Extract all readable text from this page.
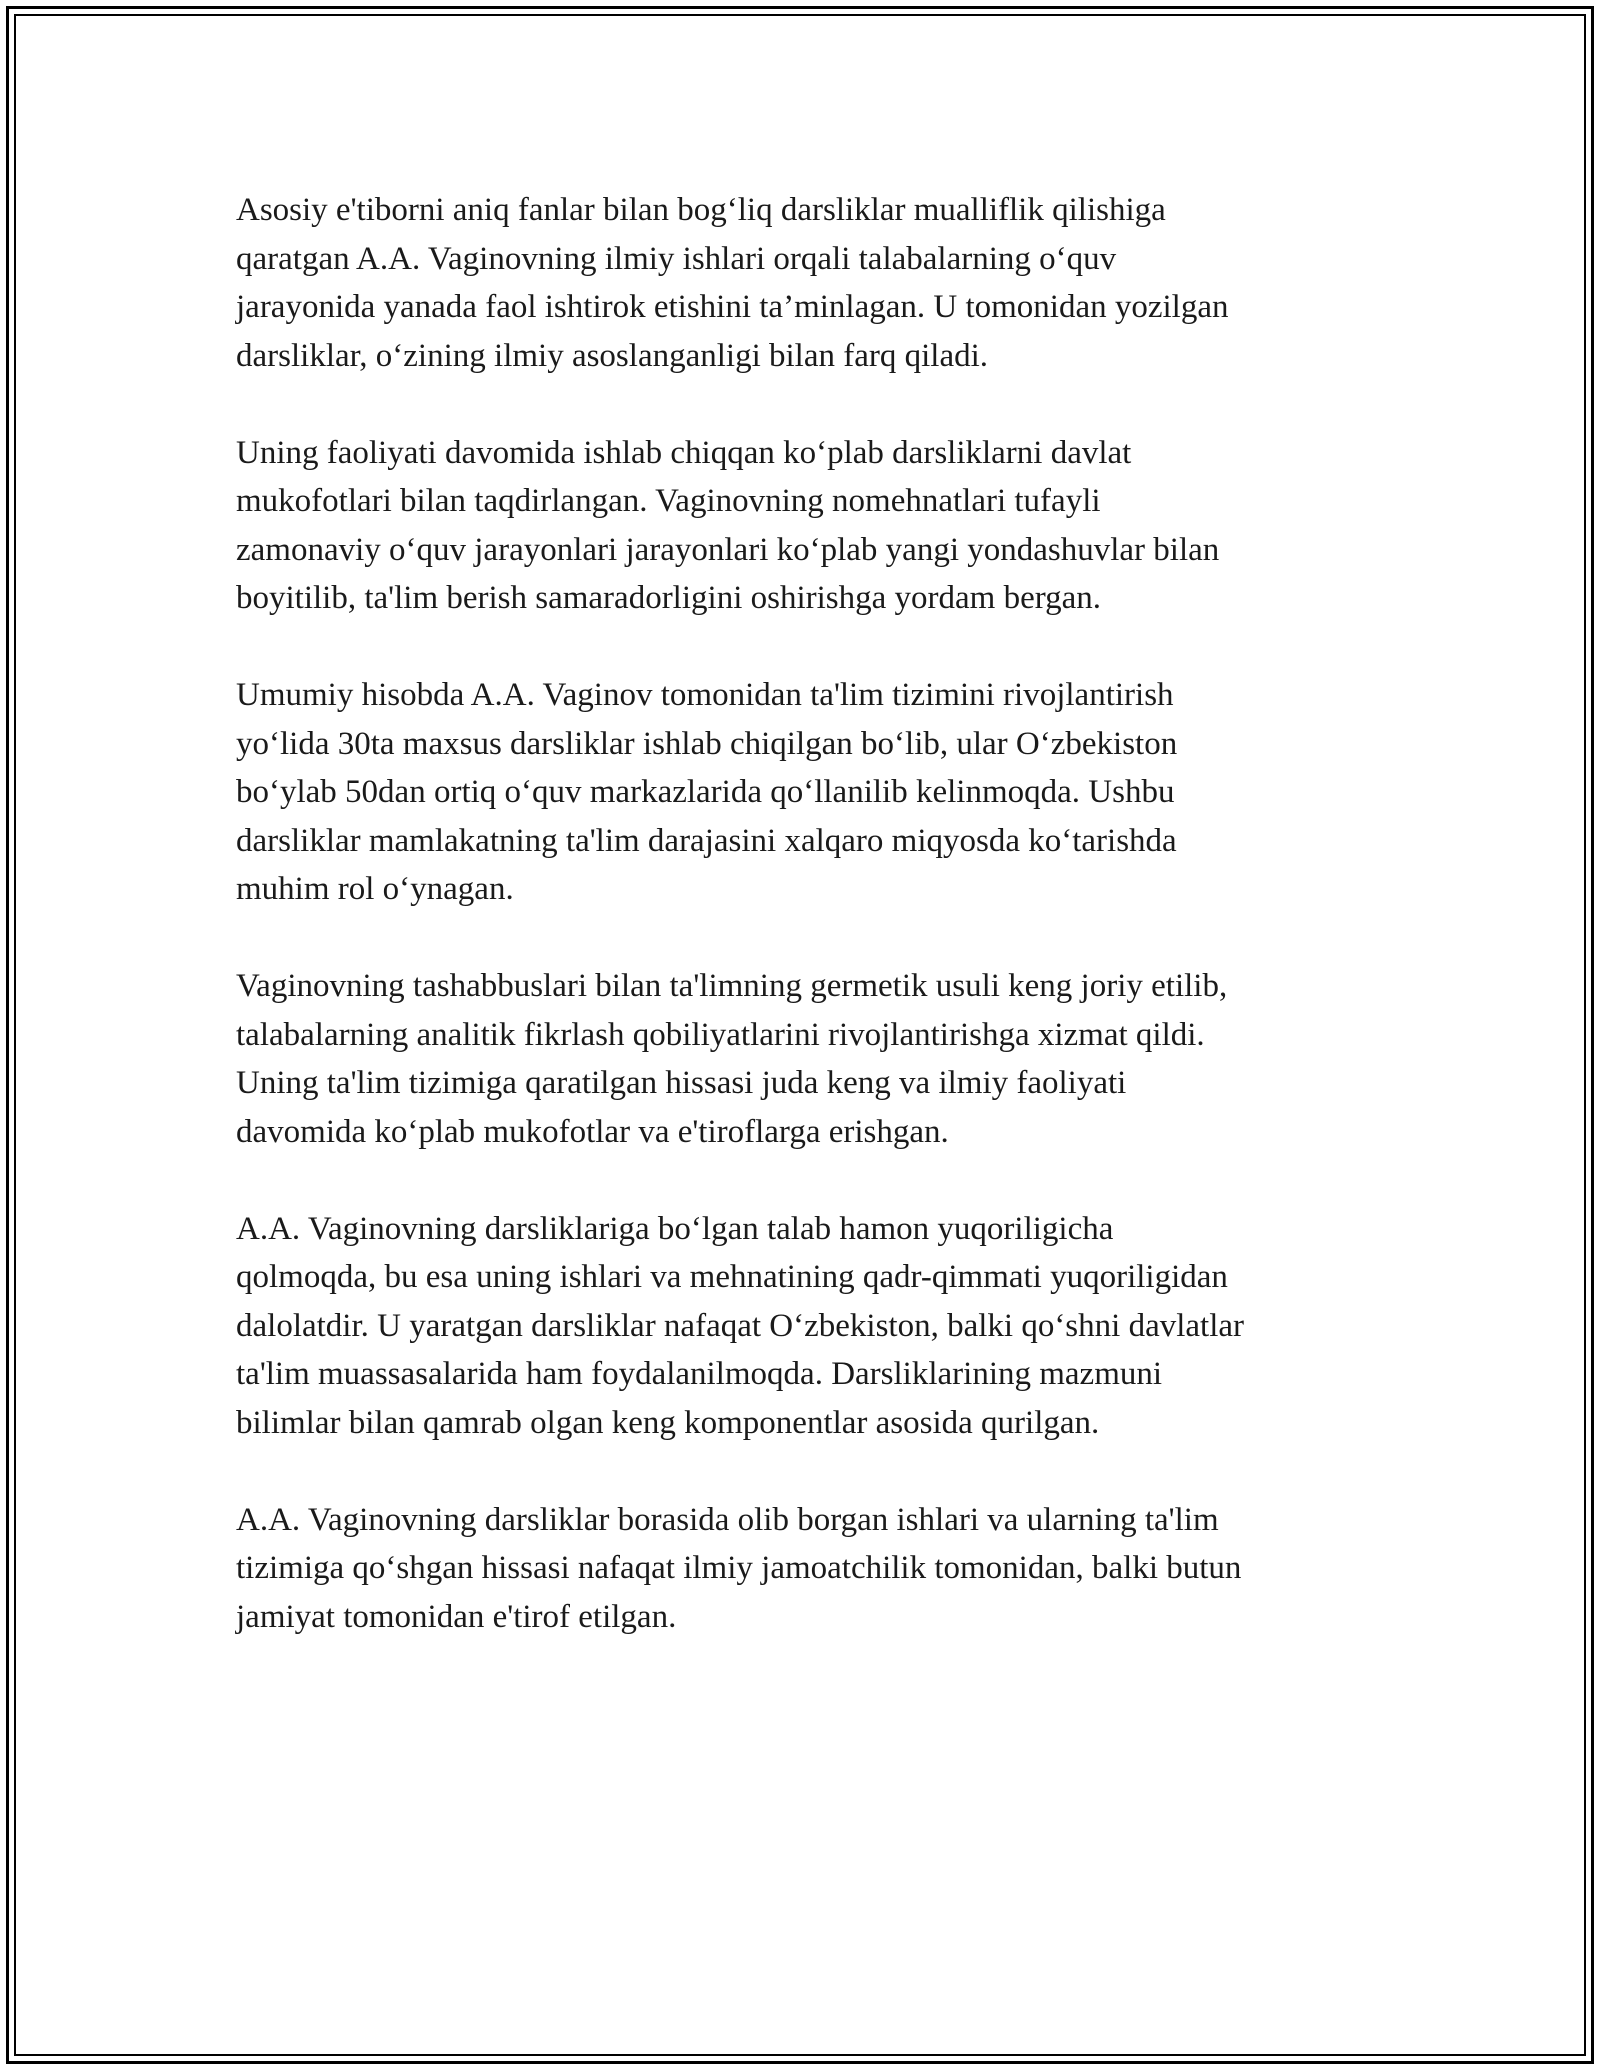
Asosiy e'tiborni aniq fanlar bilan bog‘liq darsliklar mualliflik qilishiga
qaratgan A.A. Vaginovning ilmiy ishlari orqali talabalarning o‘quv
jarayonida yanada faol ishtirok etishini ta’minlagan. U tomonidan yozilgan
darsliklar, o‘zining ilmiy asoslanganligi bilan farq qiladi.

Uning faoliyati davomida ishlab chiqqan ko‘plab darsliklarni davlat
mukofotlari bilan taqdirlangan. Vaginovning nomehnatlari tufayli
zamonaviy o‘quv jarayonlari jarayonlari ko‘plab yangi yondashuvlar bilan
boyitilib, ta'lim berish samaradorligini oshirishga yordam bergan.

Umumiy hisobda A.A. Vaginov tomonidan ta'lim tizimini rivojlantirish
yo‘lida 30ta maxsus darsliklar ishlab chiqilgan bo‘lib, ular O‘zbekiston
bo‘ylab 50dan ortiq o‘quv markazlarida qo‘llanilib kelinmoqda. Ushbu
darsliklar mamlakatning ta'lim darajasini xalqaro miqyosda ko‘tarishda
muhim rol o‘ynagan.

Vaginovning tashabbuslari bilan ta'limning germetik usuli keng joriy etilib,
talabalarning analitik fikrlash qobiliyatlarini rivojlantirishga xizmat qildi.
Uning ta'lim tizimiga qaratilgan hissasi juda keng va ilmiy faoliyati
davomida ko‘plab mukofotlar va e'tiroflarga erishgan.

A.A. Vaginovning darsliklariga bo‘lgan talab hamon yuqoriligicha
qolmoqda, bu esa uning ishlari va mehnatining qadr-qimmati yuqoriligidan
dalolatdir. U yaratgan darsliklar nafaqat O‘zbekiston, balki qo‘shni davlatlar
ta'lim muassasalarida ham foydalanilmoqda. Darsliklarining mazmuni
bilimlar bilan qamrab olgan keng komponentlar asosida qurilgan.

A.A. Vaginovning darsliklar borasida olib borgan ishlari va ularning ta'lim
tizimiga qo‘shgan hissasi nafaqat ilmiy jamoatchilik tomonidan, balki butun
jamiyat tomonidan e'tirof etilgan.
